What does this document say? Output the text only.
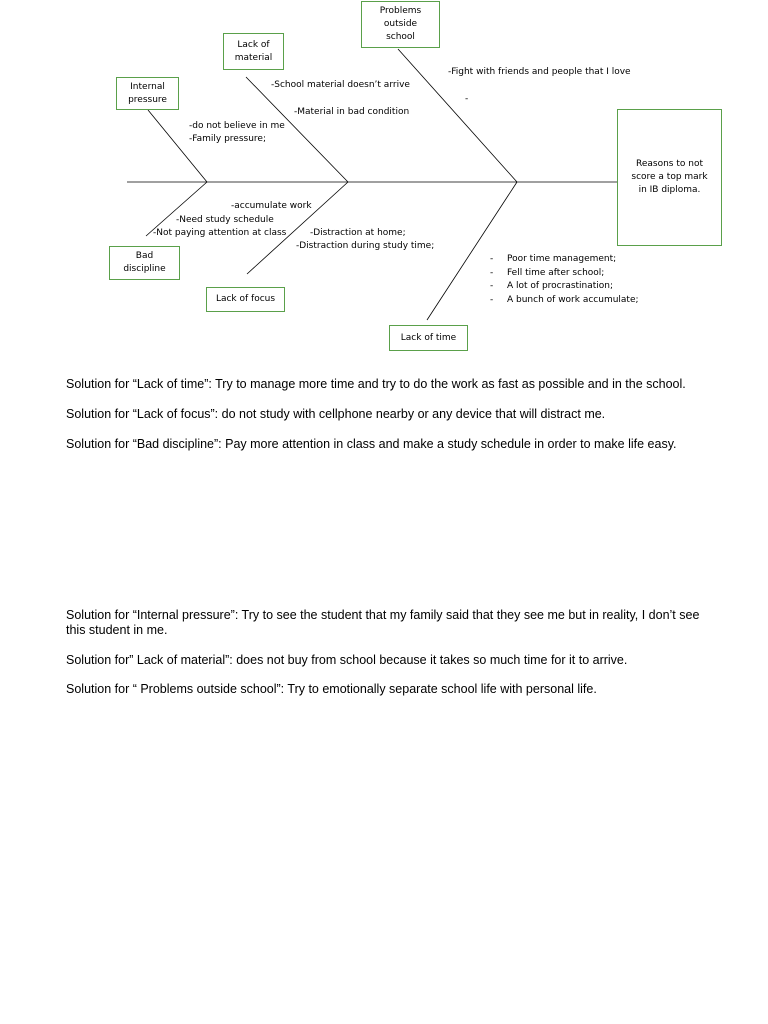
Problems outside school
Lack of material
Internal pressure
Reasons to not score a top mark in IB diploma.
Bad discipline
Lack of focus
Lack of time
-Fight with friends and people that I love
-
-School material doesn’t arrive
-Material in bad condition
-do not believe in me
-Family pressure;
-accumulate work
-Need study schedule
-Not paying attention at class	-Distraction at home;
-Distraction during study time;
- Poor time management;
- Fell time after school;
- A lot of procrastination;
- A bunch of work accumulate;

Solution for “Lack of time”: Try to manage more time and try to do the work as fast as possible and in the school.

Solution for “Lack of focus”: do not study with cellphone nearby or any device that will distract me.

Solution for “Bad discipline”: Pay more attention in class and make a study schedule in order to make life easy.

Solution for “Internal pressure”: Try to see the student that my family said that they see me but in reality, I don’t see this student in me.

Solution for” Lack of material”: does not buy from school because it takes so much time for it to arrive.

Solution for “ Problems outside school”: Try to emotionally separate school life with personal life.
